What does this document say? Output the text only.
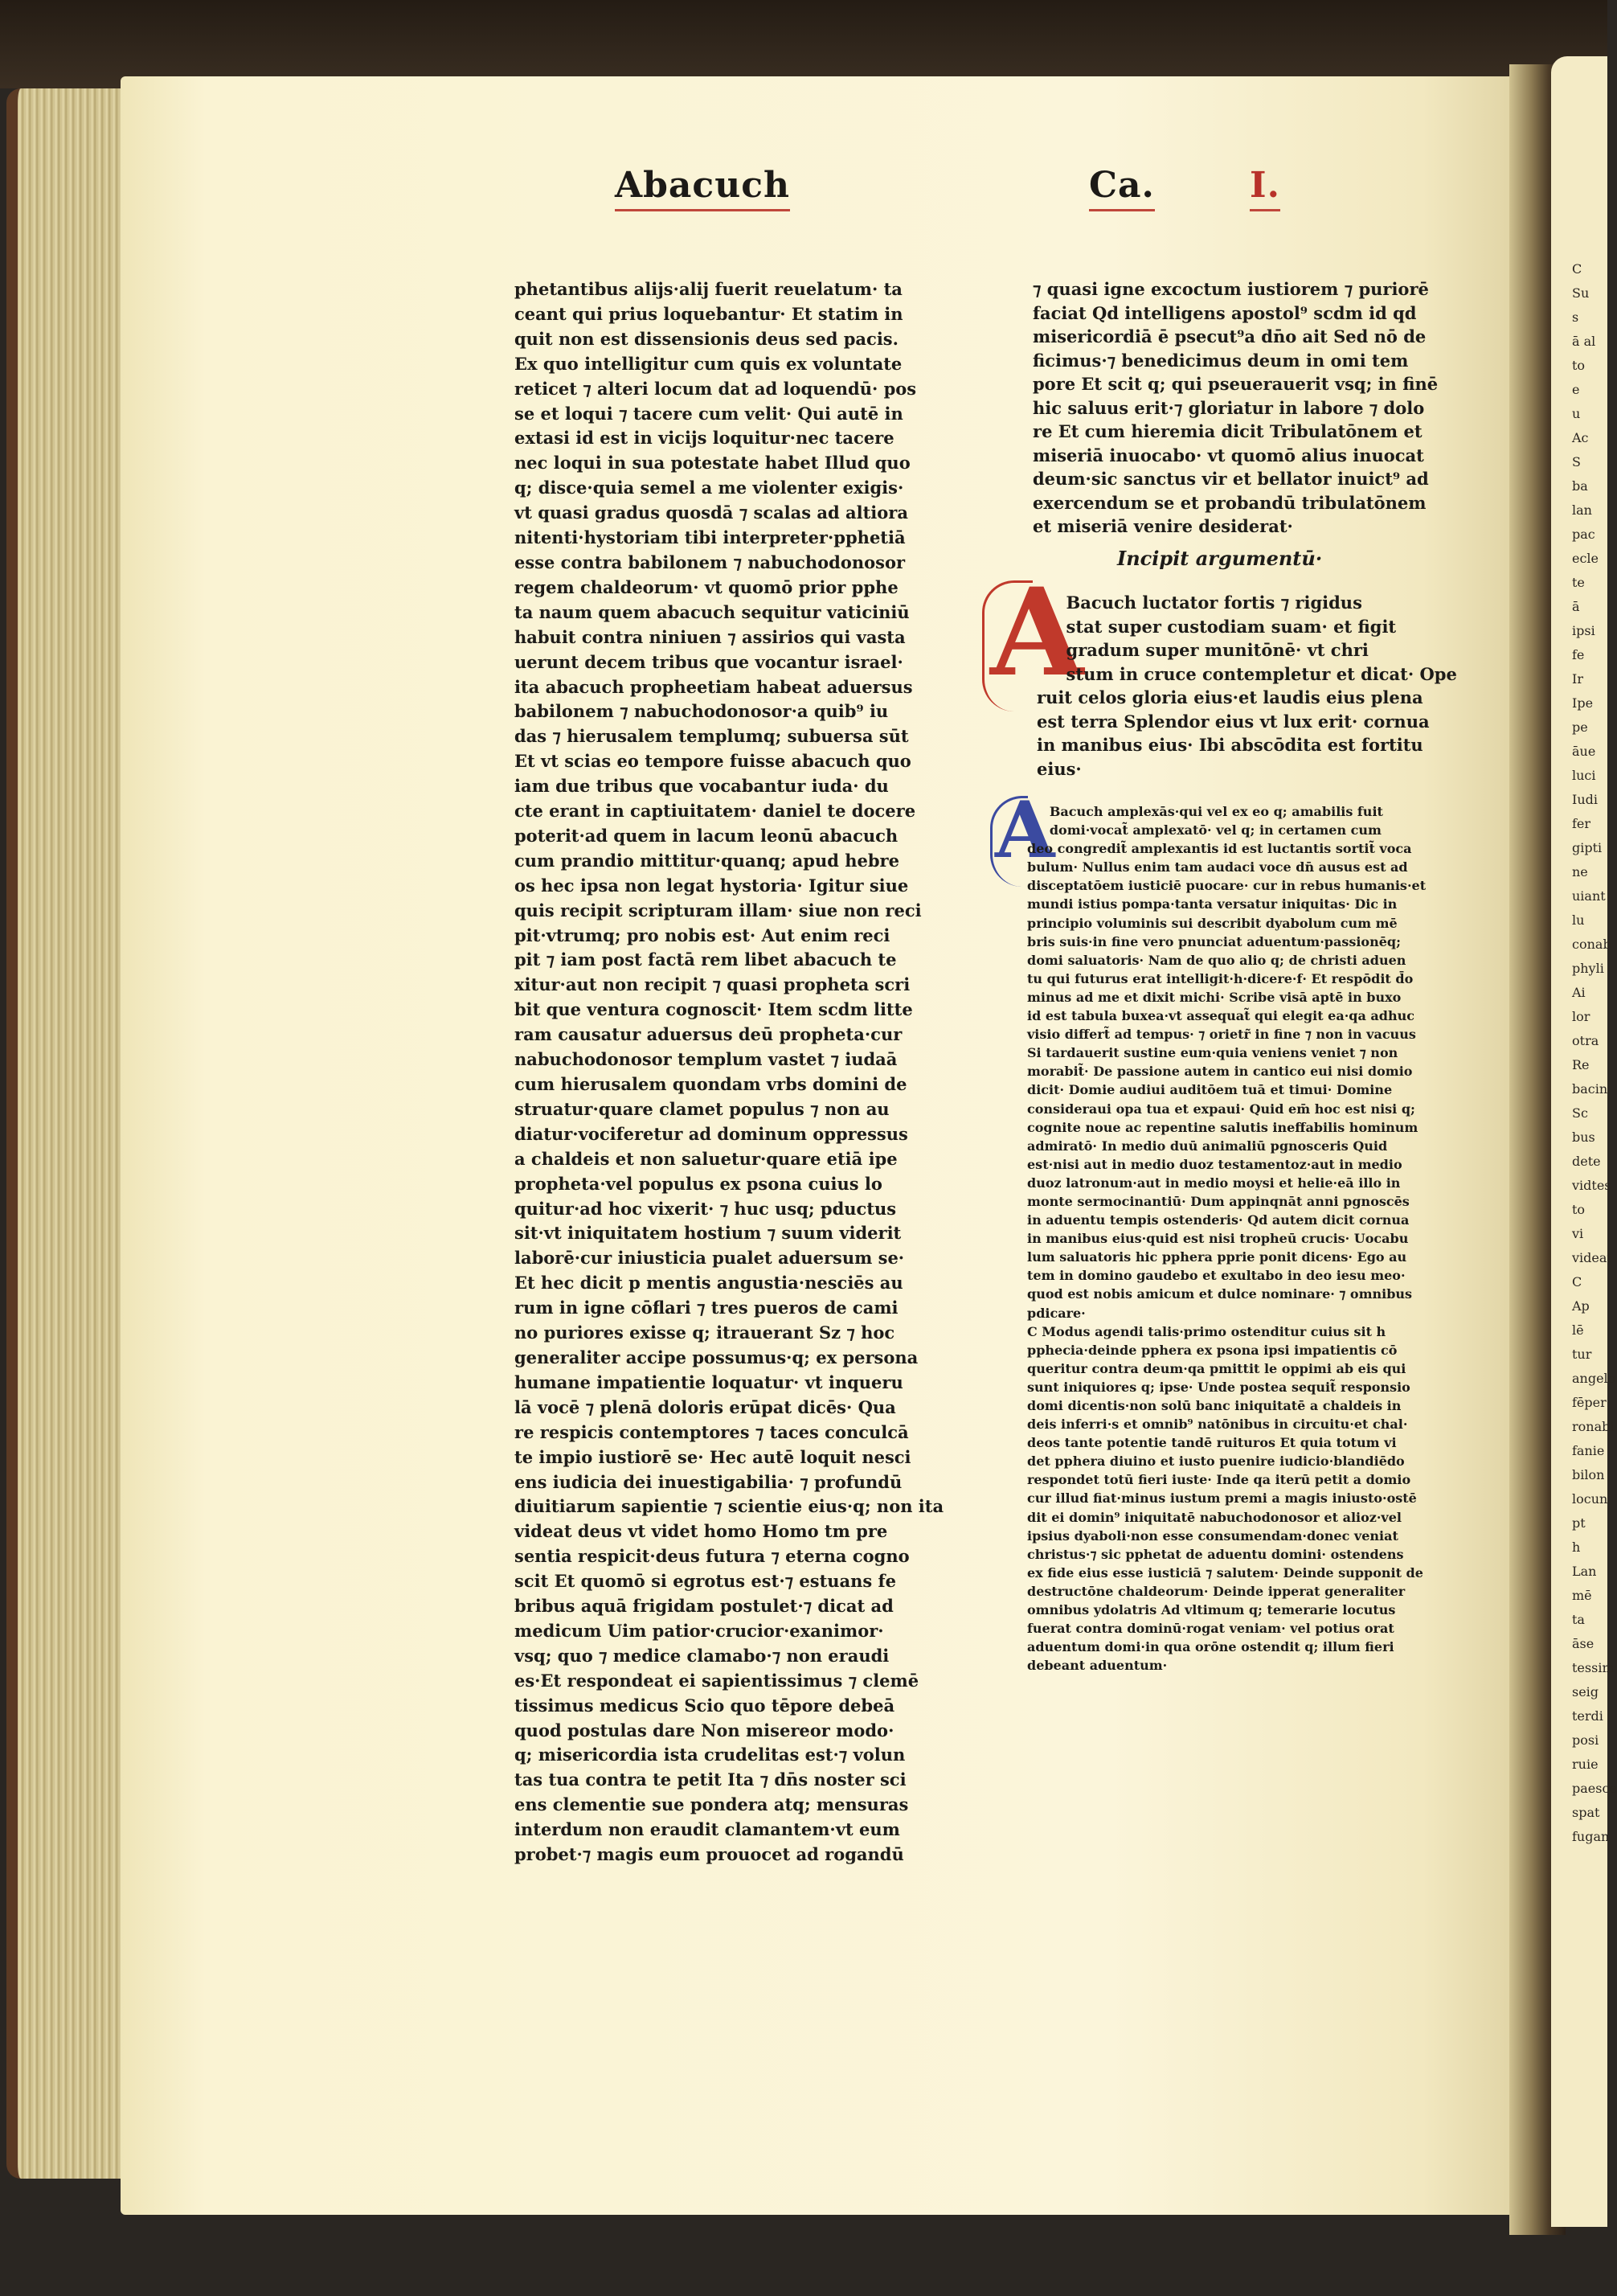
Abacuch	Ca.	I.
phetantibus alijs·alij fuerit reuelatum· ta
ceant qui prius loquebantur· Et statim in
quit non est dissensionis deus sed pacis.
Ex quo intelligitur cum quis ex voluntate
reticet ⁊ alteri locum dat ad loquendū· pos
se et loqui ⁊ tacere cum velit· Qui autē in
extasi id est in vicijs loquitur·nec tacere
nec loqui in sua potestate habet Illud quo
q; disce·quia semel a me violenter exigis·
vt quasi gradus quosdā ⁊ scalas ad altiora
nitenti·hystoriam tibi interpreter·pphetiā
esse contra babilonem ⁊ nabuchodonosor
regem chaldeorum· vt quomō prior pphe
ta naum quem abacuch sequitur vaticiniū
habuit contra niniuen ⁊ assirios qui vasta
uerunt decem tribus que vocantur israel·
ita abacuch propheetiam habeat aduersus
babilonem ⁊ nabuchodonosor·a quib⁹ iu
das ⁊ hierusalem templumq; subuersa sūt
Et vt scias eo tempore fuisse abacuch quo
iam due tribus que vocabantur iuda· du
cte erant in captiuitatem· daniel te docere
poterit·ad quem in lacum leonū abacuch
cum prandio mittitur·quanq; apud hebre
os hec ipsa non legat hystoria· Igitur siue
quis recipit scripturam illam· siue non reci
pit·vtrumq; pro nobis est· Aut enim reci
pit ⁊ iam post factā rem libet abacuch te
xitur·aut non recipit ⁊ quasi propheta scri
bit que ventura cognoscit· Item scdm litte
ram causatur aduersus deū propheta·cur
nabuchodonosor templum vastet ⁊ iudaā
cum hierusalem quondam vrbs domini de
struatur·quare clamet populus ⁊ non au
diatur·vociferetur ad dominum oppressus
a chaldeis et non saluetur·quare etiā ipe
propheta·vel populus ex psona cuius lo
quitur·ad hoc vixerit· ⁊ huc usq; pductus
sit·vt iniquitatem hostium ⁊ suum viderit
laborē·cur iniusticia pualet aduersum se·
Et hec dicit p mentis angustia·nesciēs au
rum in igne cōflari ⁊ tres pueros de cami
no puriores exisse q; itrauerant Sz ⁊ hoc
generaliter accipe possumus·q; ex persona
humane impatientie loquatur· vt inqueru
lā vocē ⁊ plenā doloris erūpat dicēs· Qua
re respicis contemptores ⁊ taces conculcā
te impio iustiorē se· Hec autē loquit nesci
ens iudicia dei inuestigabilia· ⁊ profundū
diuitiarum sapientie ⁊ scientie eius·q; non ita
videat deus vt videt homo Homo tm pre
sentia respicit·deus futura ⁊ eterna cogno
scit Et quomō si egrotus est·⁊ estuans fe
bribus aquā frigidam postulet·⁊ dicat ad
medicum Uim patior·crucior·exanimor·
vsq; quo ⁊ medice clamabo·⁊ non eraudi
es·Et respondeat ei sapientissimus ⁊ clemē
tissimus medicus Scio quo tēpore debeā
quod postulas dare Non misereor modo·
q; misericordia ista crudelitas est·⁊ volun
tas tua contra te petit Ita ⁊ dn̄s noster sci
ens clementie sue pondera atq; mensuras
interdum non eraudit clamantem·vt eum
probet·⁊ magis eum prouocet ad rogandū
⁊ quasi igne excoctum iustiorem ⁊ puriorē
faciat Qd intelligens apostol⁹ scdm id qd
misericordiā ē psecut⁹a dn̄o ait Sed nō de
ficimus·⁊ benedicimus deum in omi tem
pore Et scit q; qui pseuerauerit vsq; in finē
hic saluus erit·⁊ gloriatur in labore ⁊ dolo
re Et cum hieremia dicit Tribulatōnem et
miseriā inuocabo· vt quomō alius inuocat
deum·sic sanctus vir et bellator inuict⁹ ad
exercendum se et probandū tribulatōnem
et miseriā venire desiderat·
Incipit argumentū·
A
Bacuch luctator fortis ⁊ rigidus
stat super custodiam suam· et figit
gradum super munitōnē· vt chri
stum in cruce contempletur et dicat· Ope
ruit celos gloria eius·et laudis eius plena
est terra Splendor eius vt lux erit· cornua
in manibus eius· Ibi abscōdita est fortitu
eius·
A
Bacuch amplexās·qui vel ex eo q; amabilis fuit
domi·vocat̃ amplexatō· vel q; in certamen cum
deo congredit̃ amplexantis id est luctantis sortit̃ voca
bulum· Nullus enim tam audaci voce dn̄ ausus est ad
disceptatōem iusticiē puocare· cur in rebus humanis·et
mundi istius pompa·tanta versatur iniquitas· Dic in
principio voluminis sui describit dyabolum cum mē
bris suis·in fine vero pnunciat aduentum·passionēq;
domi saluatoris· Nam de quo alio q; de christi aduen
tu qui futurus erat intelligit·h·dicere·f· Et respōdit d̄o
minus ad me et dixit michi· Scribe visā aptē in buxo
id est tabula buxea·vt assequat̃ qui elegit ea·qa adhuc
visio differt̃ ad tempus· ⁊ orietr̃ in fine ⁊ non in vacuus
Si tardauerit sustine eum·quia veniens veniet ⁊ non
morabit̃· De passione autem in cantico eui nisi domio
dicit· Domie audiui auditōem tuā et timui· Domine
consideraui opa tua et expaui· Quid em̄ hoc est nisi q;
cognite noue ac repentine salutis ineffabilis hominum
admiratō· In medio duū animaliū pgnosceris Quid
est·nisi aut in medio duoz testamentoz·aut in medio
duoz latronum·aut in medio moysi et helie·eā illo in
monte sermocinantiū· Dum appinqnāt anni pgnoscēs
in aduentu tempis ostenderis· Qd autem dicit cornua
in manibus eius·quid est nisi tropheū crucis· Uocabu
lum saluatoris hic pphera pprie ponit dicens· Ego au
tem in domino gaudebo et exultabo in deo iesu meo·
quod est nobis amicum et dulce nominare· ⁊ omnibus
pdicare·
C Modus agendi talis·primo ostenditur cuius sit h
pphecia·deinde pphera ex psona ipsi impatientis cō
queritur contra deum·qa pmittit le oppimi ab eis qui
sunt iniquiores q; ipse· Unde postea sequit̃ responsio
domi dicentis·non solū banc iniquitatē a chaldeis in
deis inferri·s et omnib⁹ natōnibus in circuitu·et chal·
deos tante potentie tandē ruituros Et quia totum vi
det pphera diuino et iusto puenire iudicio·blandiēdo
respondet totū fieri iuste· Inde qa iterū petit a domio
cur illud fiat·minus iustum premi a magis iniusto·ostē
dit ei domin⁹ iniquitatē nabuchodonosor et alioz·vel
ipsius dyaboli·non esse consumendam·donec veniat
christus·⁊ sic pphetat de aduentu domini· ostendens
ex fide eius esse iusticiā ⁊ salutem· Deinde supponit de
destructōne chaldeorum· Deinde ipperat generaliter
omnibus ydolatris Ad vltimum q; temerarie locutus
fuerat contra dominū·rogat veniam· vel potius orat
aduentum domi·in qua orōne ostendit q; illum fieri
debeant aduentum·
C
Su
s
ā al
to
e
u
Ac
S
ba
lan
pac
ecle
te
ā
ipsi
fe
Ir
Ipe
pe
āue
luci
Iudi
fer
gipti
ne
uiant
lu
conab
phyli
Ai
lor
otra
Re
bacin
Sc
bus
dete
vidtes
to
vi
videat
C
Ap
lē
tur
angelo
fēper
ronabi
fanie
bilon
locun
pt
h
Lan
mē
ta
āse
tessim
seig
terdi
posi
ruie
paesce
spat
fugan
